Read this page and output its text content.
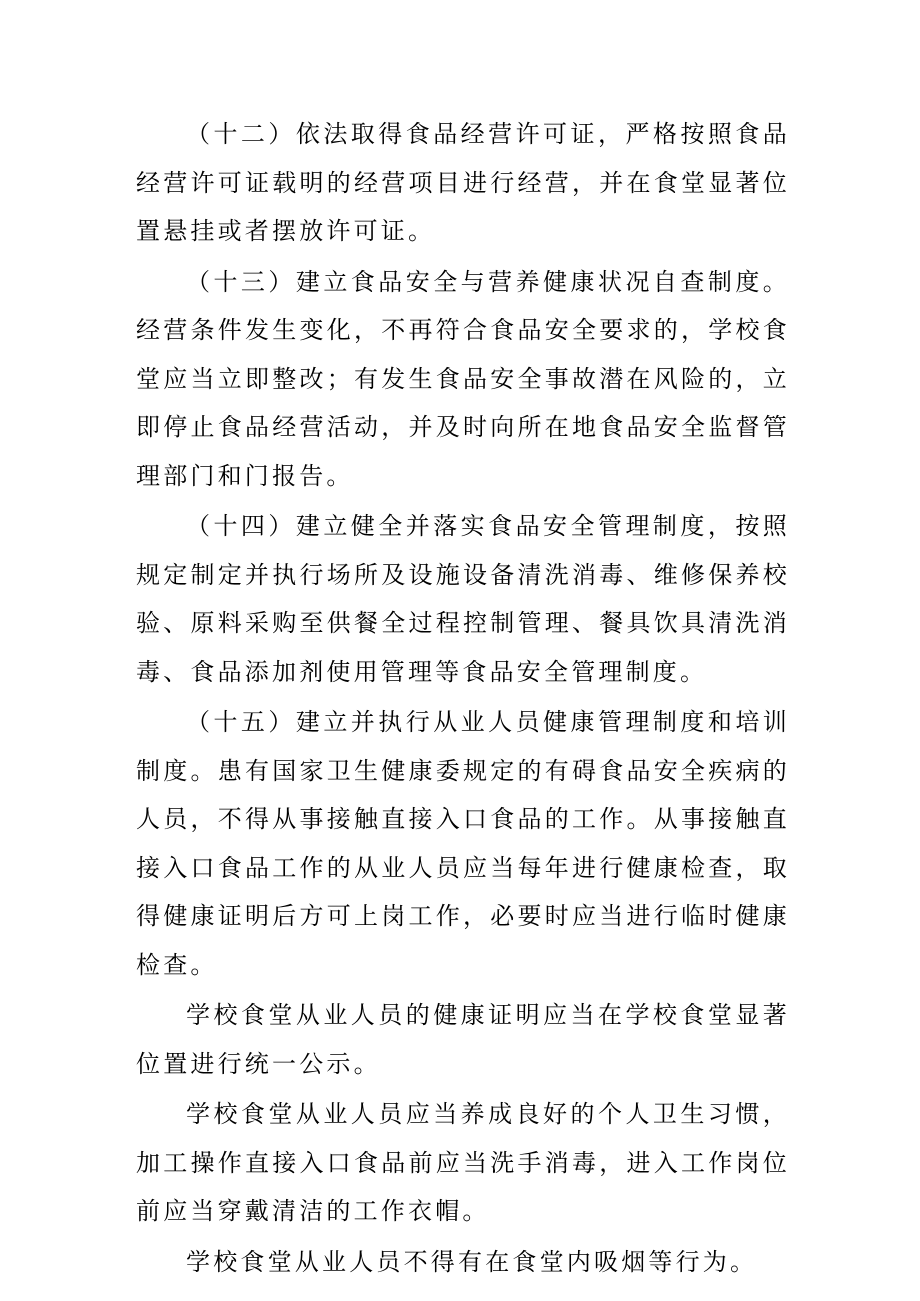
（十二）依法取得食品经营许可证，严格按照食品经营许可证载明的经营项目进行经营，并在食堂显著位置悬挂或者摆放许可证。

（十三）建立食品安全与营养健康状况自查制度。经营条件发生变化，不再符合食品安全要求的，学校食堂应当立即整改；有发生食品安全事故潜在风险的，立即停止食品经营活动，并及时向所在地食品安全监督管理部门和门报告。

（十四）建立健全并落实食品安全管理制度，按照规定制定并执行场所及设施设备清洗消毒、维修保养校验、原料采购至供餐全过程控制管理、餐具饮具清洗消毒、食品添加剂使用管理等食品安全管理制度。

（十五）建立并执行从业人员健康管理制度和培训制度。患有国家卫生健康委规定的有碍食品安全疾病的人员，不得从事接触直接入口食品的工作。从事接触直接入口食品工作的从业人员应当每年进行健康检查，取得健康证明后方可上岗工作，必要时应当进行临时健康检查。

学校食堂从业人员的健康证明应当在学校食堂显著位置进行统一公示。

学校食堂从业人员应当养成良好的个人卫生习惯，加工操作直接入口食品前应当洗手消毒，进入工作岗位前应当穿戴清洁的工作衣帽。

学校食堂从业人员不得有在食堂内吸烟等行为。
